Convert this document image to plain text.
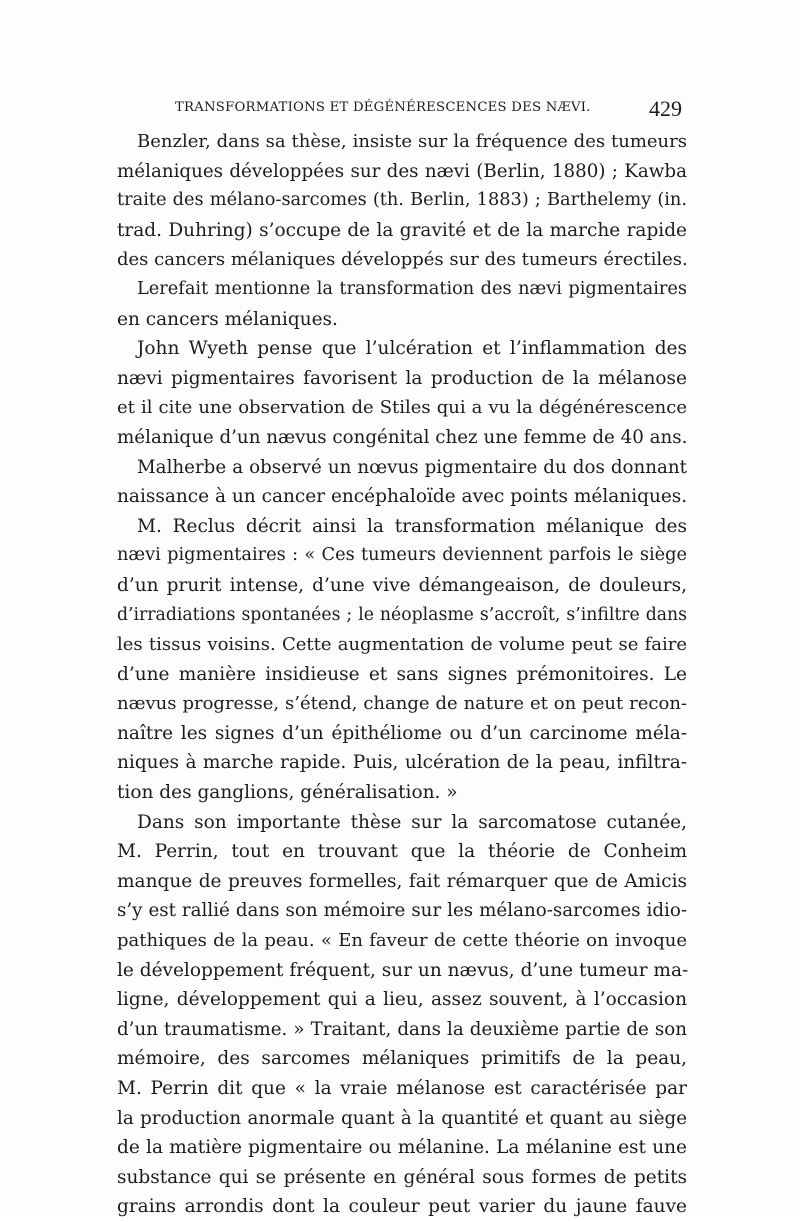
TRANSFORMATIONS ET DÉGÉNÉRESCENCES DES NÆVI.	429
Benzler, dans sa thèse, insiste sur la fréquence des tumeurs
mélaniques développées sur des nævi (Berlin, 1880) ; Kawba
traite des mélano-sarcomes (th. Berlin, 1883) ; Barthelemy (in.
trad. Duhring) s’occupe de la gravité et de la marche rapide
des cancers mélaniques développés sur des tumeurs érectiles.
Lerefait mentionne la transformation des nævi pigmentaires
en cancers mélaniques.
John Wyeth pense que l’ulcération et l’inflammation des
nævi pigmentaires favorisent la production de la mélanose
et il cite une observation de Stiles qui a vu la dégénérescence
mélanique d’un nævus congénital chez une femme de 40 ans.
Malherbe a observé un nœvus pigmentaire du dos donnant
naissance à un cancer encéphaloïde avec points mélaniques.
M. Reclus décrit ainsi la transformation mélanique des
nævi pigmentaires : « Ces tumeurs deviennent parfois le siège
d’un prurit intense, d’une vive démangeaison, de douleurs,
d’irradiations spontanées ; le néoplasme s’accroît, s’infiltre dans
les tissus voisins. Cette augmentation de volume peut se faire
d’une manière insidieuse et sans signes prémonitoires. Le
nævus progresse, s’étend, change de nature et on peut recon-
naître les signes d’un épithéliome ou d’un carcinome méla-
niques à marche rapide. Puis, ulcération de la peau, infiltra-
tion des ganglions, généralisation. »
Dans son importante thèse sur la sarcomatose cutanée,
M. Perrin, tout en trouvant que la théorie de Conheim
manque de preuves formelles, fait rémarquer que de Amicis
s’y est rallié dans son mémoire sur les mélano-sarcomes idio-
pathiques de la peau. « En faveur de cette théorie on invoque
le développement fréquent, sur un nævus, d’une tumeur ma-
ligne, développement qui a lieu, assez souvent, à l’occasion
d’un traumatisme. » Traitant, dans la deuxième partie de son
mémoire, des sarcomes mélaniques primitifs de la peau,
M. Perrin dit que « la vraie mélanose est caractérisée par
la production anormale quant à la quantité et quant au siège
de la matière pigmentaire ou mélanine. La mélanine est une
substance qui se présente en général sous formes de petits
grains arrondis dont la couleur peut varier du jaune fauve
